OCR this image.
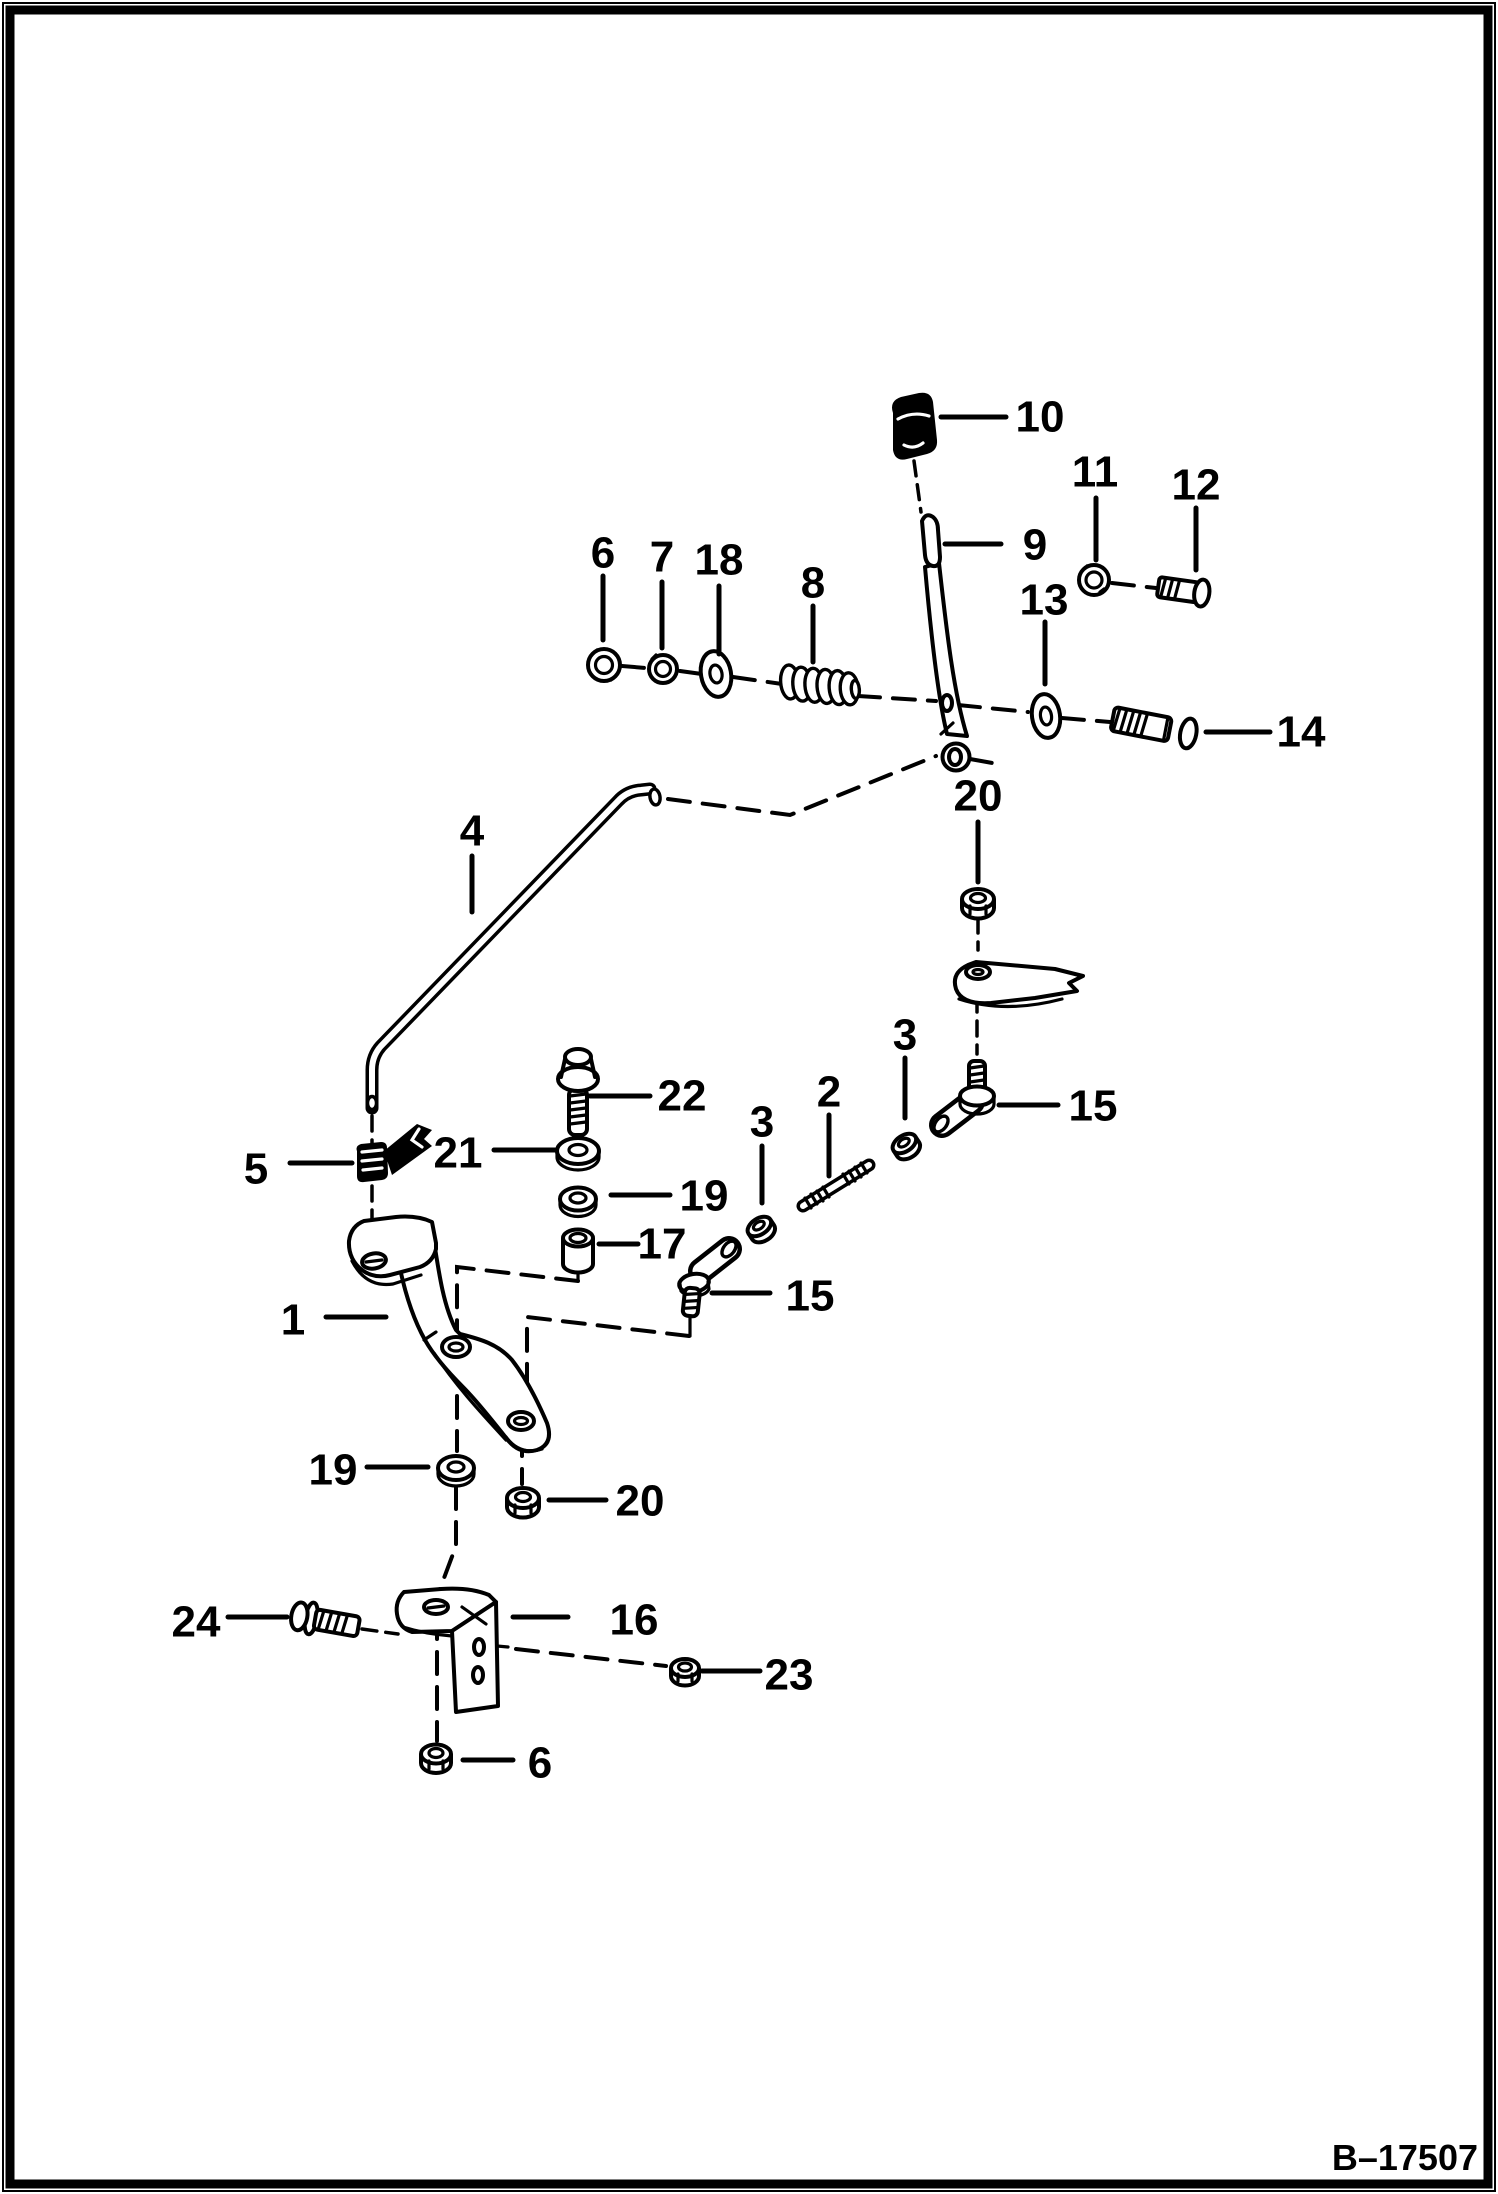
10
9
11 12
13
14
6 7 18 8
4
20
3
2
3	15
22
21
19
17
5
15
1
19
20
24	16
23
6
B–17507
